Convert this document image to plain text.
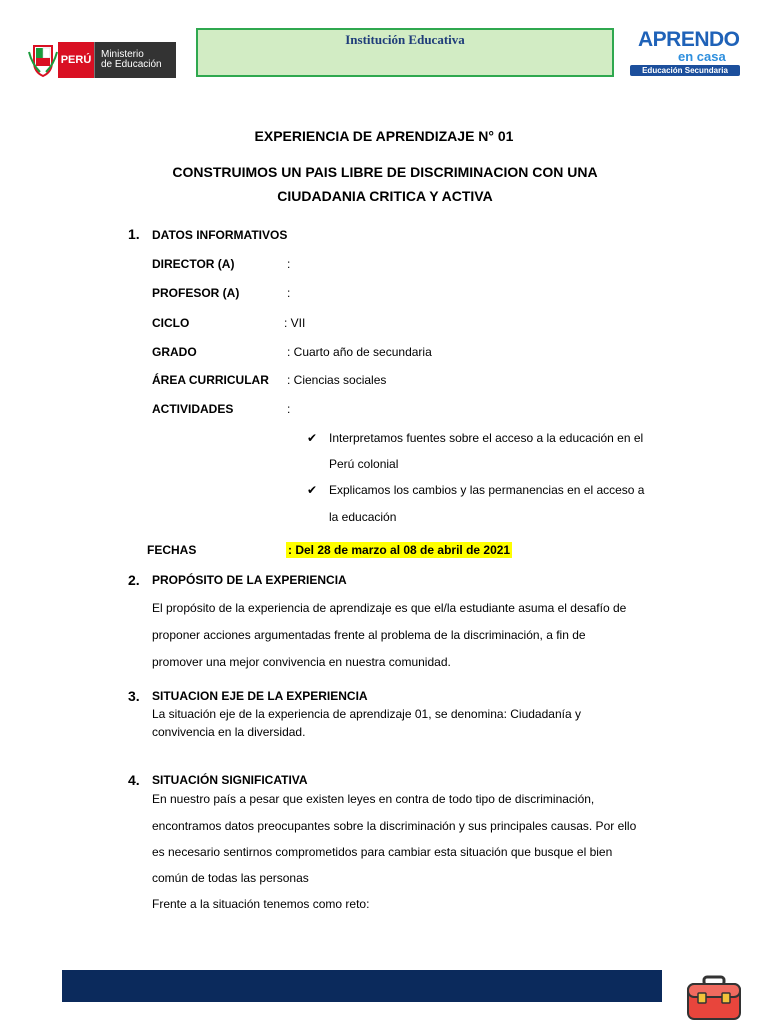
PERÚ Ministerio
de Educación
Institución Educativa	APRENDO
en casa
Educación Secundaria
EXPERIENCIA DE APRENDIZAJE N° 01
CONSTRUIMOS UN PAIS LIBRE DE DISCRIMINACION CON UNA CIUDADANIA CRITICA Y ACTIVA
1. DATOS INFORMATIVOS
DIRECTOR (A)	:
PROFESOR (A)	:
CICLO	: VII
GRADO	: Cuarto año de secundaria
ÁREA CURRICULAR : Ciencias sociales
ACTIVIDADES	:
✔ Interpretamos fuentes sobre el acceso a la educación en el
Perú colonial
✔ Explicamos los cambios y las permanencias en el acceso a
la educación
FECHAS	: Del 28 de marzo al 08 de abril de 2021
2. PROPÓSITO DE LA EXPERIENCIA
El propósito de la experiencia de aprendizaje es que el/la estudiante asuma el desafío de
proponer acciones argumentadas frente al problema de la discriminación, a fin de
promover una mejor convivencia en nuestra comunidad.
3. SITUACION EJE DE LA EXPERIENCIA
La situación eje de la experiencia de aprendizaje 01, se denomina: Ciudadanía y
convivencia en la diversidad.
4. SITUACIÓN SIGNIFICATIVA
En nuestro país a pesar que existen leyes en contra de todo tipo de discriminación,
encontramos datos preocupantes sobre la discriminación y sus principales causas. Por ello
es necesario sentirnos comprometidos para cambiar esta situación que busque el bien
común de todas las personas
Frente a la situación tenemos como reto:
